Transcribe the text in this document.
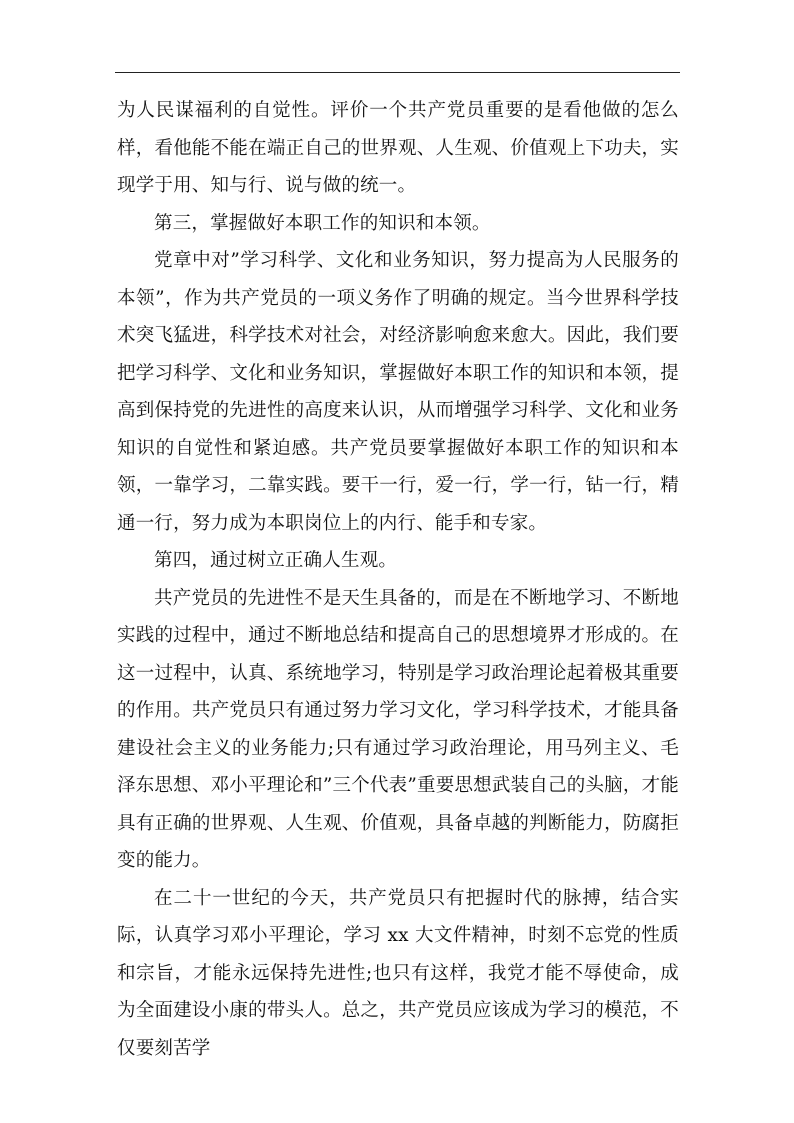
为人民谋福利的自觉性。评价一个共产党员重要的是看他做的怎么样，看他能不能在端正自己的世界观、人生观、价值观上下功夫，实现学于用、知与行、说与做的统一。

第三，掌握做好本职工作的知识和本领。

党章中对”学习科学、文化和业务知识，努力提高为人民服务的本领”，作为共产党员的一项义务作了明确的规定。当今世界科学技术突飞猛进，科学技术对社会，对经济影响愈来愈大。因此，我们要把学习科学、文化和业务知识，掌握做好本职工作的知识和本领，提高到保持党的先进性的高度来认识，从而增强学习科学、文化和业务知识的自觉性和紧迫感。共产党员要掌握做好本职工作的知识和本领，一靠学习，二靠实践。要干一行，爱一行，学一行，钻一行，精通一行，努力成为本职岗位上的内行、能手和专家。

第四，通过树立正确人生观。

共产党员的先进性不是天生具备的，而是在不断地学习、不断地实践的过程中，通过不断地总结和提高自己的思想境界才形成的。在这一过程中，认真、系统地学习，特别是学习政治理论起着极其重要的作用。共产党员只有通过努力学习文化，学习科学技术，才能具备建设社会主义的业务能力;只有通过学习政治理论，用马列主义、毛泽东思想、邓小平理论和”三个代表”重要思想武装自己的头脑，才能具有正确的世界观、人生观、价值观，具备卓越的判断能力，防腐拒变的能力。

在二十一世纪的今天，共产党员只有把握时代的脉搏，结合实际，认真学习邓小平理论，学习 xx 大文件精神，时刻不忘党的性质和宗旨，才能永远保持先进性;也只有这样，我党才能不辱使命，成为全面建设小康的带头人。总之，共产党员应该成为学习的模范，不仅要刻苦学
